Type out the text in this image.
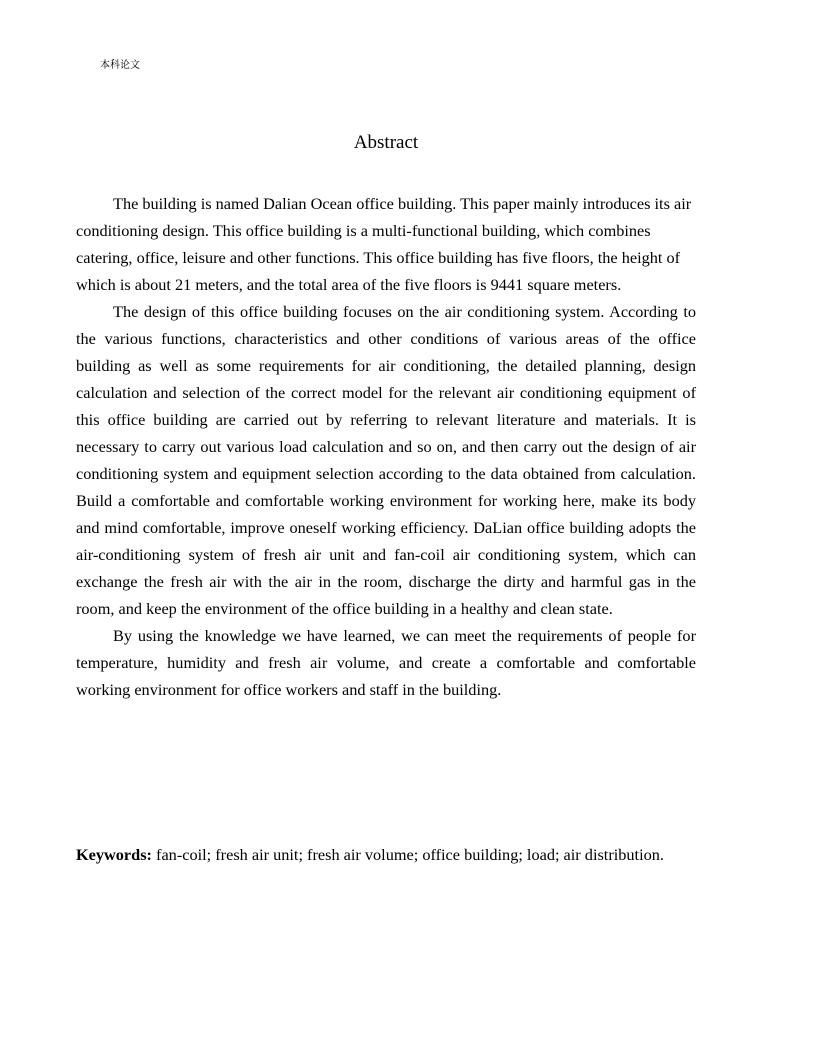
本科论文
Abstract

The building is named Dalian Ocean office building. This paper mainly introduces its air conditioning design. This office building is a multi-functional building, which combines catering, office, leisure and other functions. This office building has five floors, the height of which is about 21 meters, and the total area of the five floors is 9441 square meters.

The design of this office building focuses on the air conditioning system. According to the various functions, characteristics and other conditions of various areas of the office building as well as some requirements for air conditioning, the detailed planning, design calculation and selection of the correct model for the relevant air conditioning equipment of this office building are carried out by referring to relevant literature and materials. It is necessary to carry out various load calculation and so on, and then carry out the design of air conditioning system and equipment selection according to the data obtained from calculation. Build a comfortable and comfortable working environment for working here, make its body and mind comfortable, improve oneself working efficiency. DaLian office building adopts the air-conditioning system of fresh air unit and fan-coil air conditioning system, which can exchange the fresh air with the air in the room, discharge the dirty and harmful gas in the room, and keep the environment of the office building in a healthy and clean state.

By using the knowledge we have learned, we can meet the requirements of people for temperature, humidity and fresh air volume, and create a comfortable and comfortable working environment for office workers and staff in the building.

Keywords: fan-coil; fresh air unit; fresh air volume; office building; load; air distribution.
